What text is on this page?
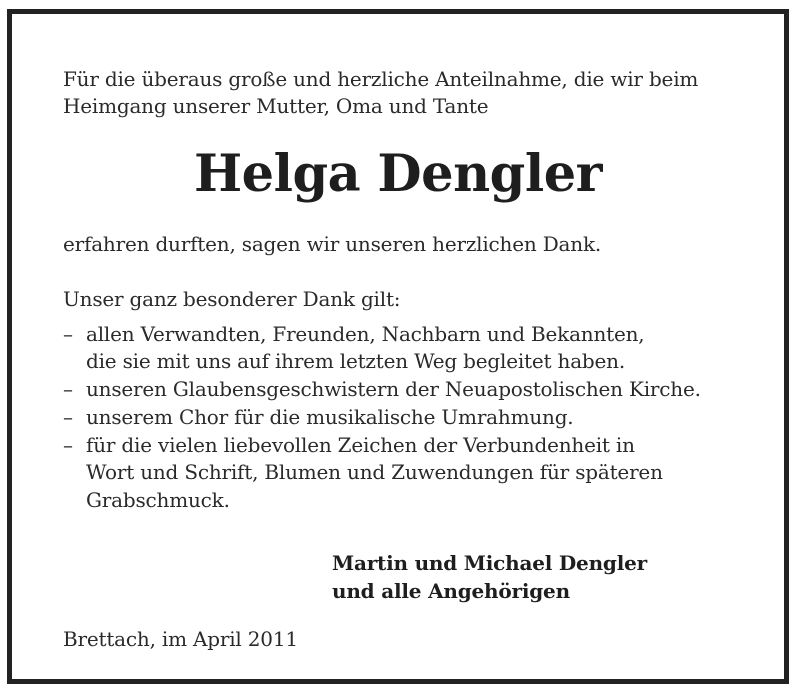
Für die überaus große und herzliche Anteilnahme, die wir beim
Heimgang unserer Mutter, Oma und Tante
Helga Dengler
erfahren durften, sagen wir unseren herzlichen Dank.
Unser ganz besonderer Dank gilt:
– allen Verwandten, Freunden, Nachbarn und Bekannten,
die sie mit uns auf ihrem letzten Weg begleitet haben.
– unseren Glaubensgeschwistern der Neuapostolischen Kirche.
– unserem Chor für die musikalische Umrahmung.
– für die vielen liebevollen Zeichen der Verbundenheit in
Wort und Schrift, Blumen und Zuwendungen für späteren
Grabschmuck.
Martin und Michael Dengler
und alle Angehörigen
Brettach, im April 2011
